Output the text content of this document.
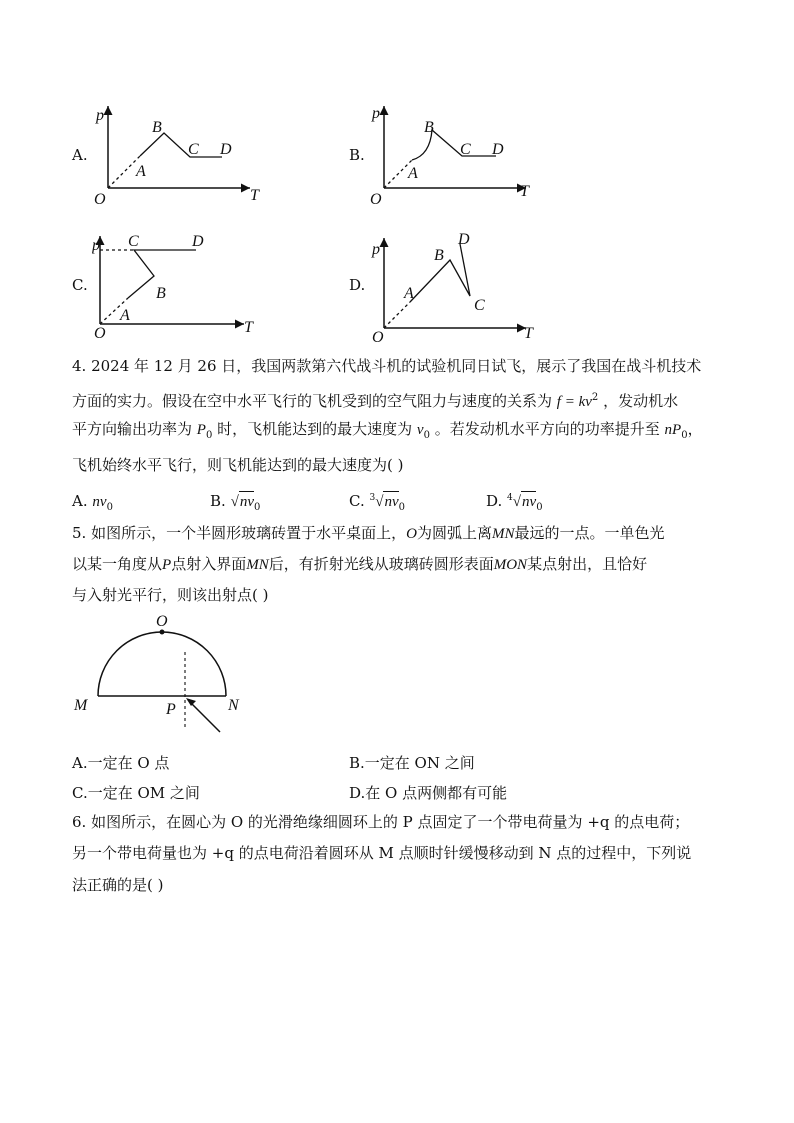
A.
O
A
B
C D
p
T
B.
O
A
B
C D
p
T
C.
O
A
B
C	D
p
T
D.
O
A
B
C
D
p
T
4. 2024 年 12 月 26 日，我国两款第六代战斗机的试验机同日试飞，展示了我国在战斗机技术
方面的实力。假设在空中水平飞行的飞机受到的空气阻力与速度的关系为 $f = kv^2$ ，发动机水
平方向输出功率为 $P_0$ 时，飞机能达到的最大速度为 $v_0$ 。若发动机水平方向的功率提升至 $nP_0$，
飞机始终水平飞行，则飞机能达到的最大速度为( )
A. $nv_0$	B. $√nv_0$	C. $^3√nv_0$	D. $^4√nv_0$
5. 如图所示，一个半圆形玻璃砖置于水平桌面上，O为圆弧上离MN最远的一点。一单色光
以某一角度从P点射入界面MN后，有折射光线从玻璃砖圆形表面MON某点射出，且恰好
与入射光平行，则该出射点( )
O
M	N
P
A.一定在 O 点	B.一定在 ON 之间
C.一定在 OM 之间	D.在 O 点两侧都有可能
6. 如图所示，在圆心为 O 的光滑绝缘细圆环上的 P 点固定了一个带电荷量为 +q 的点电荷；
另一个带电荷量也为 +q 的点电荷沿着圆环从 M 点顺时针缓慢移动到 N 点的过程中，下列说
法正确的是( )
